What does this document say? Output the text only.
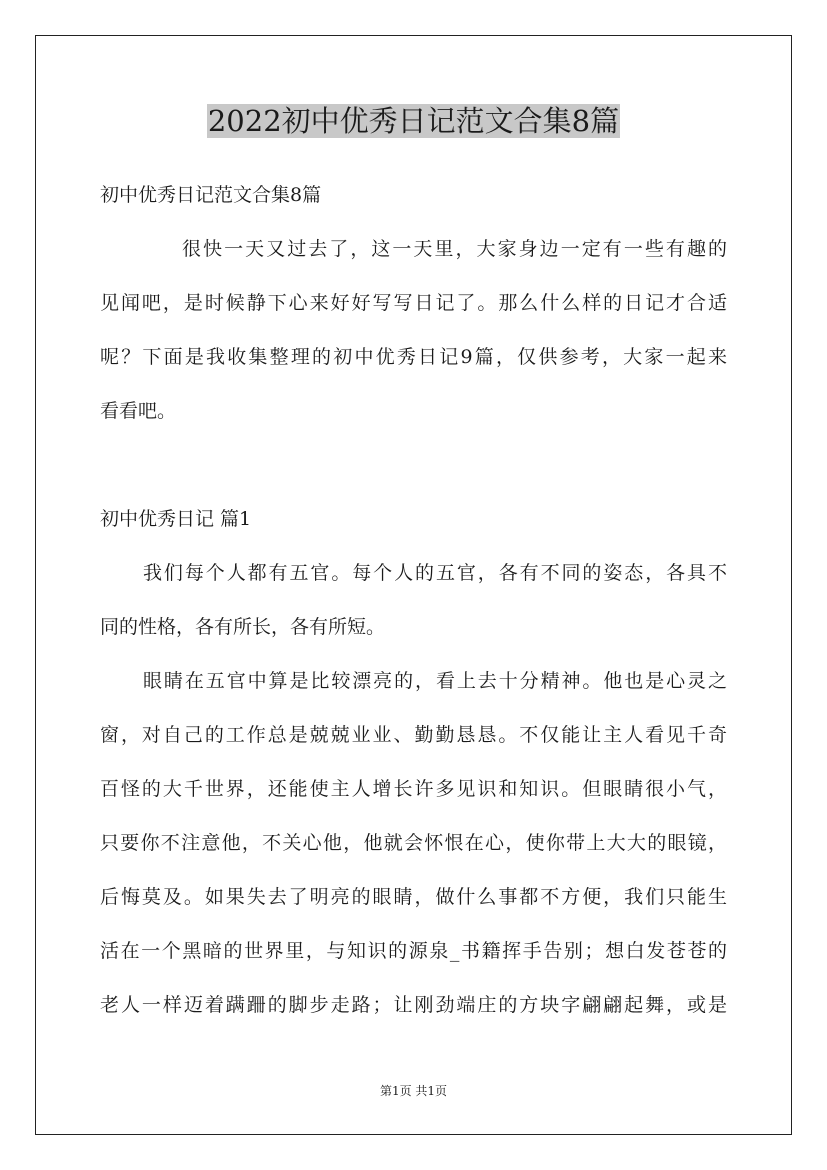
2022初中优秀日记范文合集8篇
初中优秀日记范文合集8篇
很快一天又过去了，这一天里，大家身边一定有一些有趣的
见闻吧，是时候静下心来好好写写日记了。那么什么样的日记才合适
呢？下面是我收集整理的初中优秀日记9篇，仅供参考，大家一起来
看看吧。
初中优秀日记 篇1
我们每个人都有五官。每个人的五官，各有不同的姿态，各具不
同的性格，各有所长，各有所短。
眼睛在五官中算是比较漂亮的，看上去十分精神。他也是心灵之
窗，对自己的工作总是兢兢业业、勤勤恳恳。不仅能让主人看见千奇
百怪的大千世界，还能使主人增长许多见识和知识。但眼睛很小气，
只要你不注意他，不关心他，他就会怀恨在心，使你带上大大的眼镜，
后悔莫及。如果失去了明亮的眼睛，做什么事都不方便，我们只能生
活在一个黑暗的世界里，与知识的源泉_书籍挥手告别；想白发苍苍的
老人一样迈着蹒跚的脚步走路；让刚劲端庄的方块字翩翩起舞，或是
第1页 共1页
